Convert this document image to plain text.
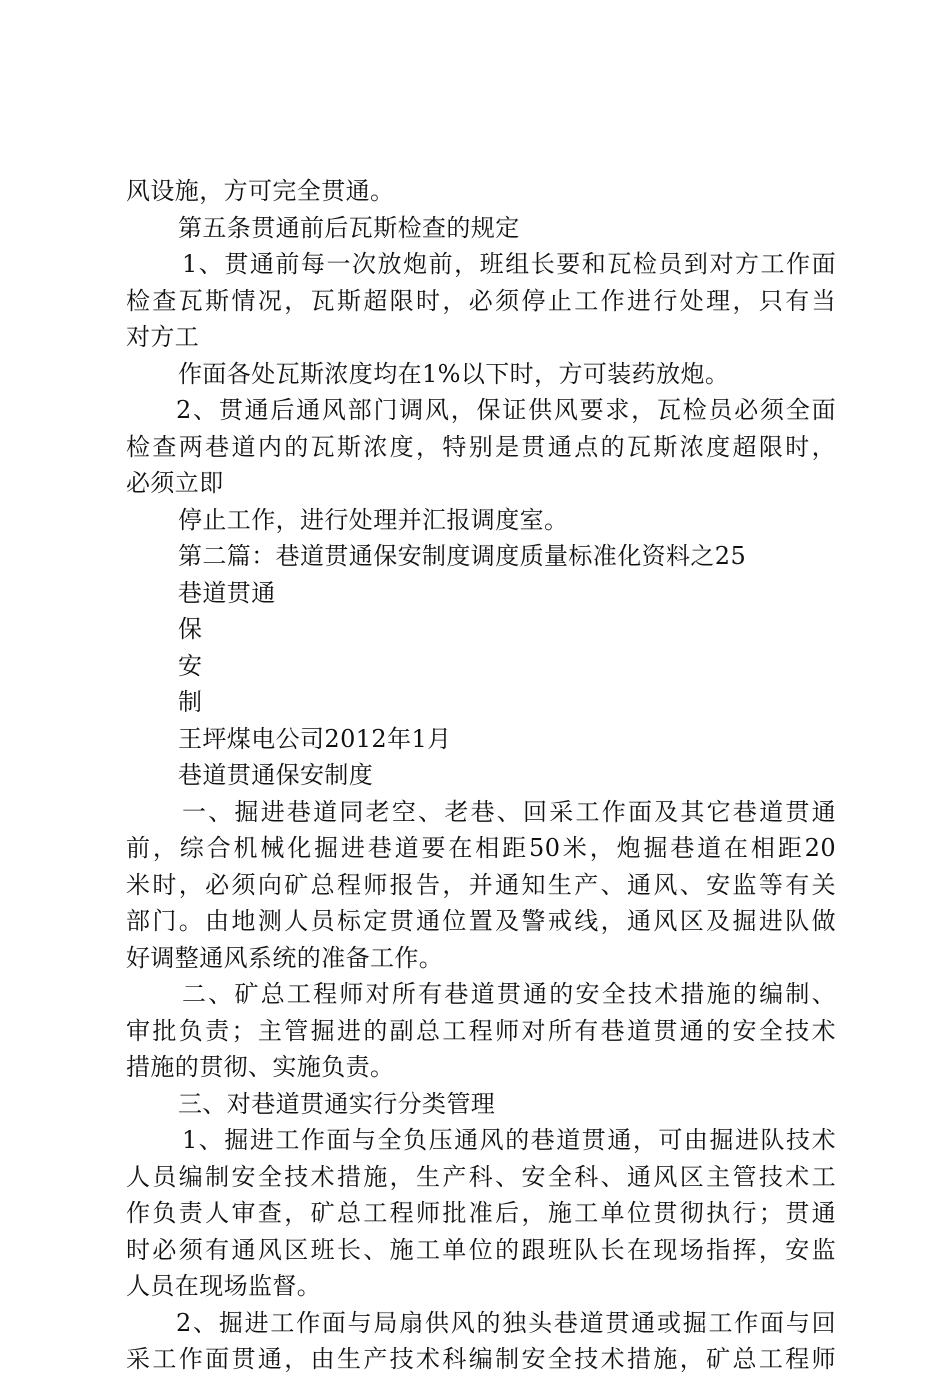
风设施，方可完全贯通。
第五条贯通前后瓦斯检查的规定
1、贯通前每一次放炮前，班组长要和瓦检员到对方工作面
检查瓦斯情况，瓦斯超限时，必须停止工作进行处理，只有当
对方工
作面各处瓦斯浓度均在1%以下时，方可装药放炮。
2、贯通后通风部门调风，保证供风要求，瓦检员必须全面
检查两巷道内的瓦斯浓度，特别是贯通点的瓦斯浓度超限时，
必须立即
停止工作，进行处理并汇报调度室。
第二篇：巷道贯通保安制度调度质量标准化资料之25
巷道贯通
保
安
制
王坪煤电公司2012年1月
巷道贯通保安制度
一、掘进巷道同老空、老巷、回采工作面及其它巷道贯通
前，综合机械化掘进巷道要在相距50米，炮掘巷道在相距20
米时，必须向矿总程师报告，并通知生产、通风、安监等有关
部门。由地测人员标定贯通位置及警戒线，通风区及掘进队做
好调整通风系统的准备工作。
二、矿总工程师对所有巷道贯通的安全技术措施的编制、
审批负责；主管掘进的副总工程师对所有巷道贯通的安全技术
措施的贯彻、实施负责。
三、对巷道贯通实行分类管理
1、掘进工作面与全负压通风的巷道贯通，可由掘进队技术
人员编制安全技术措施，生产科、安全科、通风区主管技术工
作负责人审查，矿总工程师批准后，施工单位贯彻执行；贯通
时必须有通风区班长、施工单位的跟班队长在现场指挥，安监
人员在现场监督。
2、掘进工作面与局扇供风的独头巷道贯通或掘工作面与回
采工作面贯通，由生产技术科编制安全技术措施，矿总工程师
